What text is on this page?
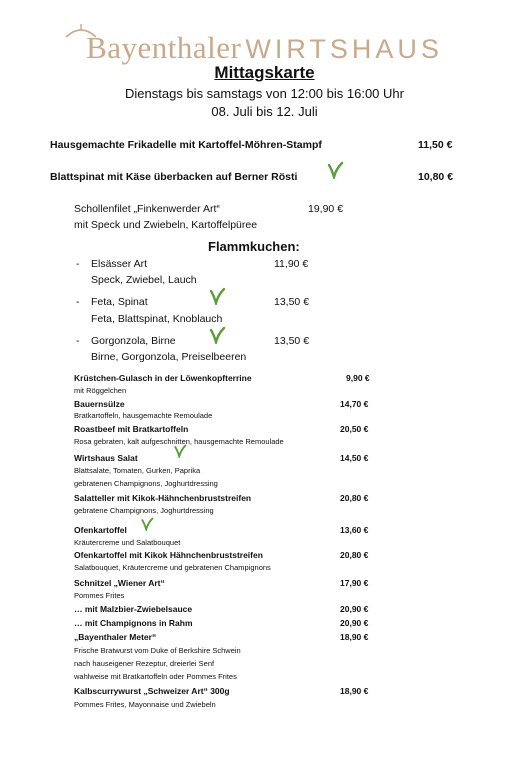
Bayenthaler WIRTSHAUS
Mittagskarte
Dienstags bis samstags von 12:00 bis 16:00 Uhr
08. Juli bis 12. Juli
Hausgemachte Frikadelle mit Kartoffel-Möhren-Stampf	11,50 €
Blattspinat mit Käse überbacken auf Berner Rösti	10,80 €
Schollenfilet „Finkenwerder Art“	19,90 €
mit Speck und Zwiebeln, Kartoffelpüree
Flammkuchen:
- Elsässer Art	11,90 €
Speck, Zwiebel, Lauch
- Feta, Spinat	13,50 €
Feta, Blattspinat, Knoblauch
- Gorgonzola, Birne	13,50 €
Birne, Gorgonzola, Preiselbeeren
Krüstchen-Gulasch in der Löwenkopfterrine	9,90 €
mit Röggelchen
Bauernsülze	14,70 €
Bratkartoffeln, hausgemachte Remoulade
Roastbeef mit Bratkartoffeln	20,50 €
Rosa gebraten, kalt aufgeschnitten, hausgemachte Remoulade
Wirtshaus Salat	14,50 €
Blattsalate, Tomaten, Gurken, Paprika
gebratenen Champignons, Joghurtdressing
Salatteller mit Kikok-Hähnchenbruststreifen	20,80 €
gebratene Champignons, Joghurtdressing
Ofenkartoffel	13,60 €
Kräutercreme und Salatbouquet
Ofenkartoffel mit Kikok Hähnchenbruststreifen	20,80 €
Salatbouquet, Kräutercreme und gebratenen Champignons
Schnitzel „Wiener Art“	17,90 €
Pommes Frites
… mit Malzbier-Zwiebelsauce	20,90 €
… mit Champignons in Rahm	20,90 €
„Bayenthaler Meter“	18,90 €
Frische Bratwurst vom Duke of Berkshire Schwein
nach hauseigener Rezeptur, dreierlei Senf
wahlweise mit Bratkartoffeln oder Pommes Frites
Kalbscurrywurst „Schweizer Art“ 300g	18,90 €
Pommes Frites, Mayonnaise und Zwiebeln
